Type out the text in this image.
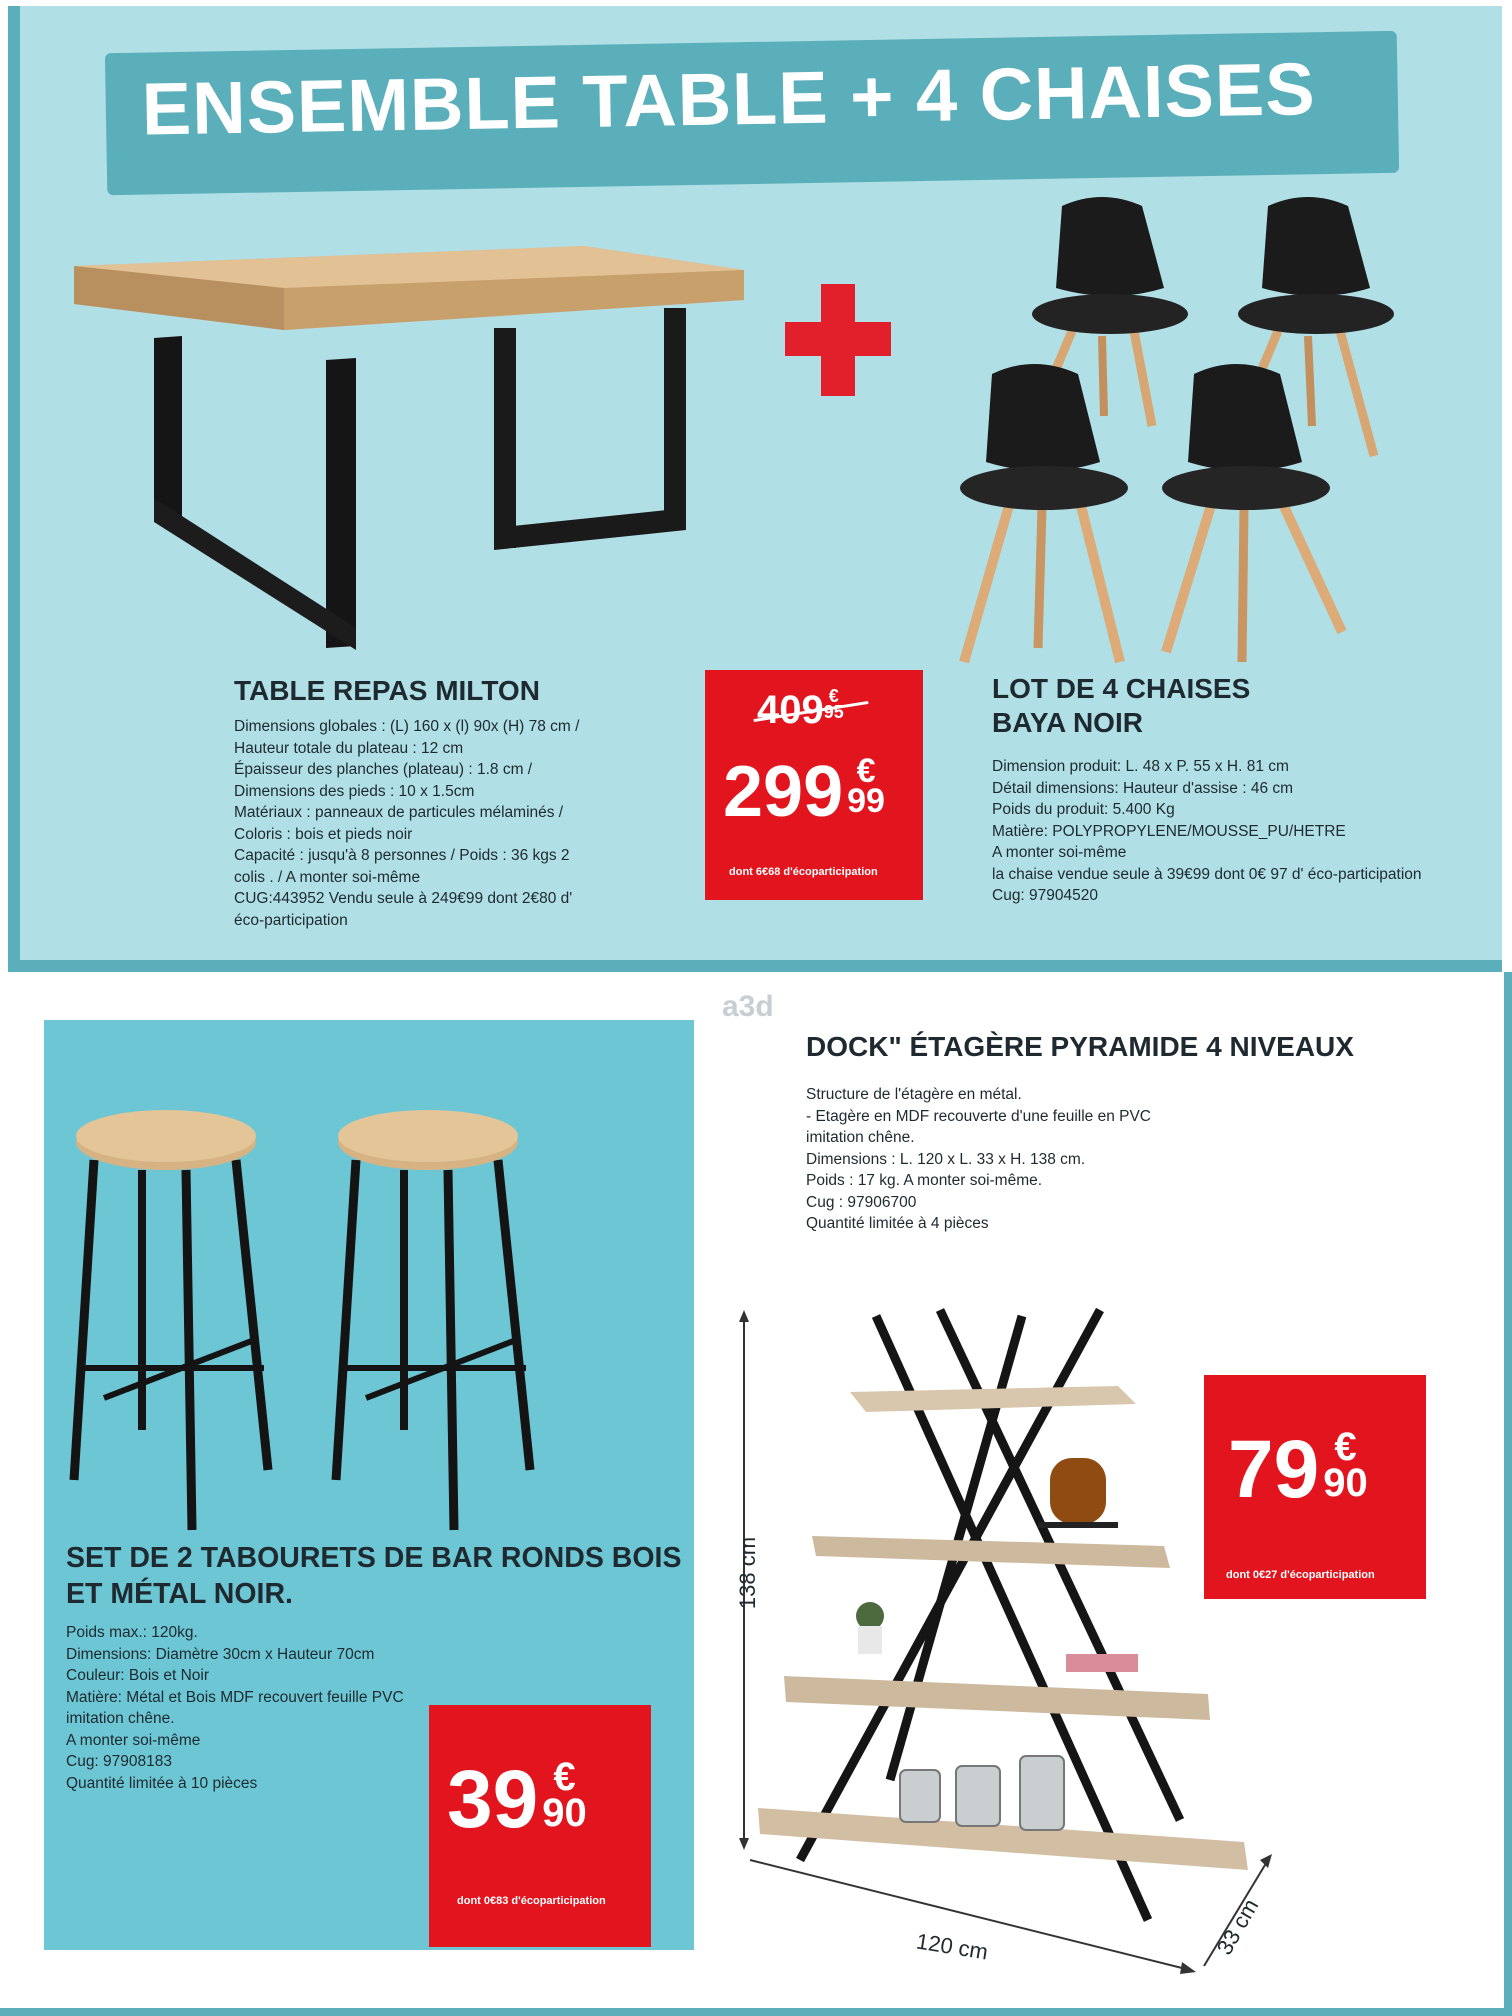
ENSEMBLE TABLE + 4 CHAISES
TABLE REPAS MILTON
Dimensions globales : (L) 160 x (l) 90x (H) 78 cm /
Hauteur totale du plateau : 12 cm
Épaisseur des planches (plateau) : 1.8 cm /
Dimensions des pieds : 10 x 1.5cm
Matériaux : panneaux de particules mélaminés /
Coloris : bois et pieds noir
Capacité : jusqu'à 8 personnes / Poids : 36 kgs 2
colis . / A monter soi-même
CUG:443952 Vendu seule à 249€99 dont 2€80 d'
éco-participation
409 €
95
299 €
99
dont 6€68 d'écoparticipation
LOT DE 4 CHAISES
BAYA NOIR
Dimension produit: L. 48 x P. 55 x H. 81 cm
Détail dimensions: Hauteur d'assise : 46 cm
Poids du produit: 5.400 Kg
Matière: POLYPROPYLENE/MOUSSE_PU/HETRE
A monter soi-même
la chaise vendue seule à 39€99 dont 0€ 97 d' éco-participation
Cug: 97904520
SET DE 2 TABOURETS DE BAR RONDS BOIS
ET MÉTAL NOIR.
Poids max.: 120kg.
Dimensions: Diamètre 30cm x Hauteur 70cm
Couleur: Bois et Noir
Matière: Métal et Bois MDF recouvert feuille PVC
imitation chêne.
A monter soi-même
Cug: 97908183
Quantité limitée à 10 pièces	39 €
90
dont 0€83 d'écoparticipation
a3d
DOCK" ÉTAGÈRE PYRAMIDE 4 NIVEAUX
Structure de l'étagère en métal.
- Etagère en MDF recouverte d'une feuille en PVC
imitation chêne.
Dimensions : L. 120 x L. 33 x H. 138 cm.
Poids : 17 kg. A monter soi-même.
Cug : 97906700
Quantité limitée à 4 pièces
138 cm
120 cm	33 cm
79 €
90
dont 0€27 d'écoparticipation
